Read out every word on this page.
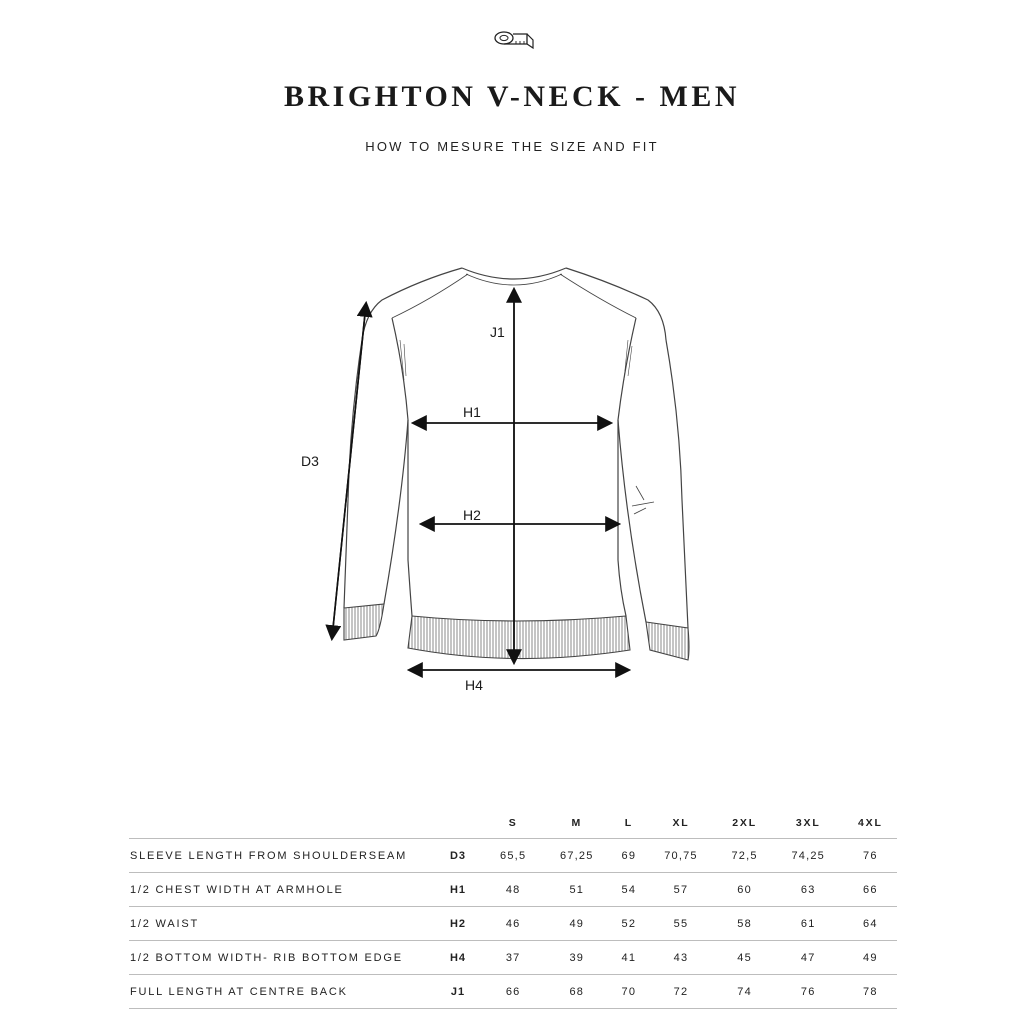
BRIGHTON V-NECK - MEN
HOW TO MESURE THE SIZE AND FIT
J1
H1
H2
H4
D3
		S	M	L	XL	2XL	3XL	4XL
SLEEVE LENGTH FROM SHOULDERSEAM	D3	65,5	67,25	69	70,75	72,5	74,25	76
1/2 CHEST WIDTH AT ARMHOLE	H1	48	51	54	57	60	63	66
1/2 WAIST	H2	46	49	52	55	58	61	64
1/2 BOTTOM WIDTH- RIB BOTTOM EDGE	H4	37	39	41	43	45	47	49
FULL LENGTH AT CENTRE BACK	J1	66	68	70	72	74	76	78
